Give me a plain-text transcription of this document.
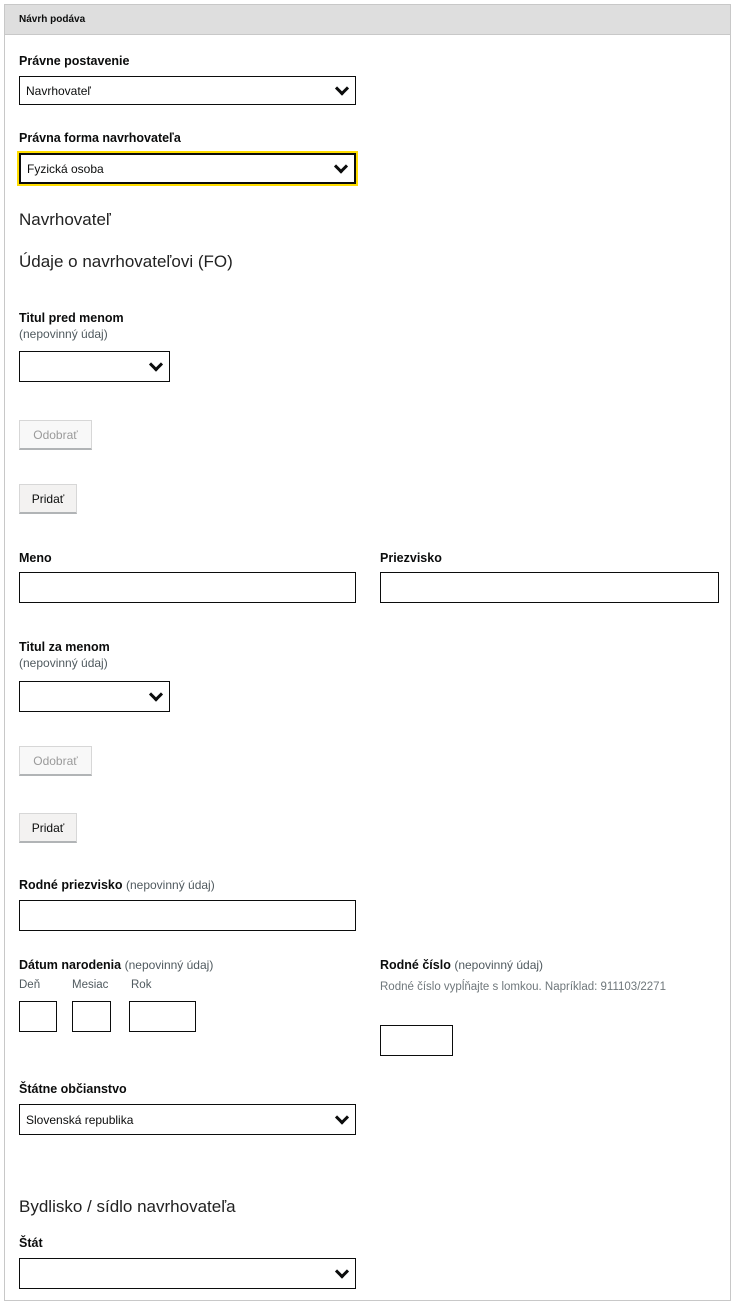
Návrh podáva
Právne postavenie
Navrhovateľ
Právna forma navrhovateľa
Fyzická osoba
Navrhovateľ
Údaje o navrhovateľovi (FO)
Titul pred menom
(nepovinný údaj)
Odobrať
Pridať
Meno	Priezvisko
Titul za menom
(nepovinný údaj)
Odobrať
Pridať
Rodné priezvisko (nepovinný údaj)
Dátum narodenia (nepovinný údaj)
Deň	Mesiac Rok
Rodné číslo (nepovinný údaj)
Rodné číslo vypĺňajte s lomkou. Napríklad: 911103/2271
Štátne občianstvo
Slovenská republika
Bydlisko / sídlo navrhovateľa
Štát
